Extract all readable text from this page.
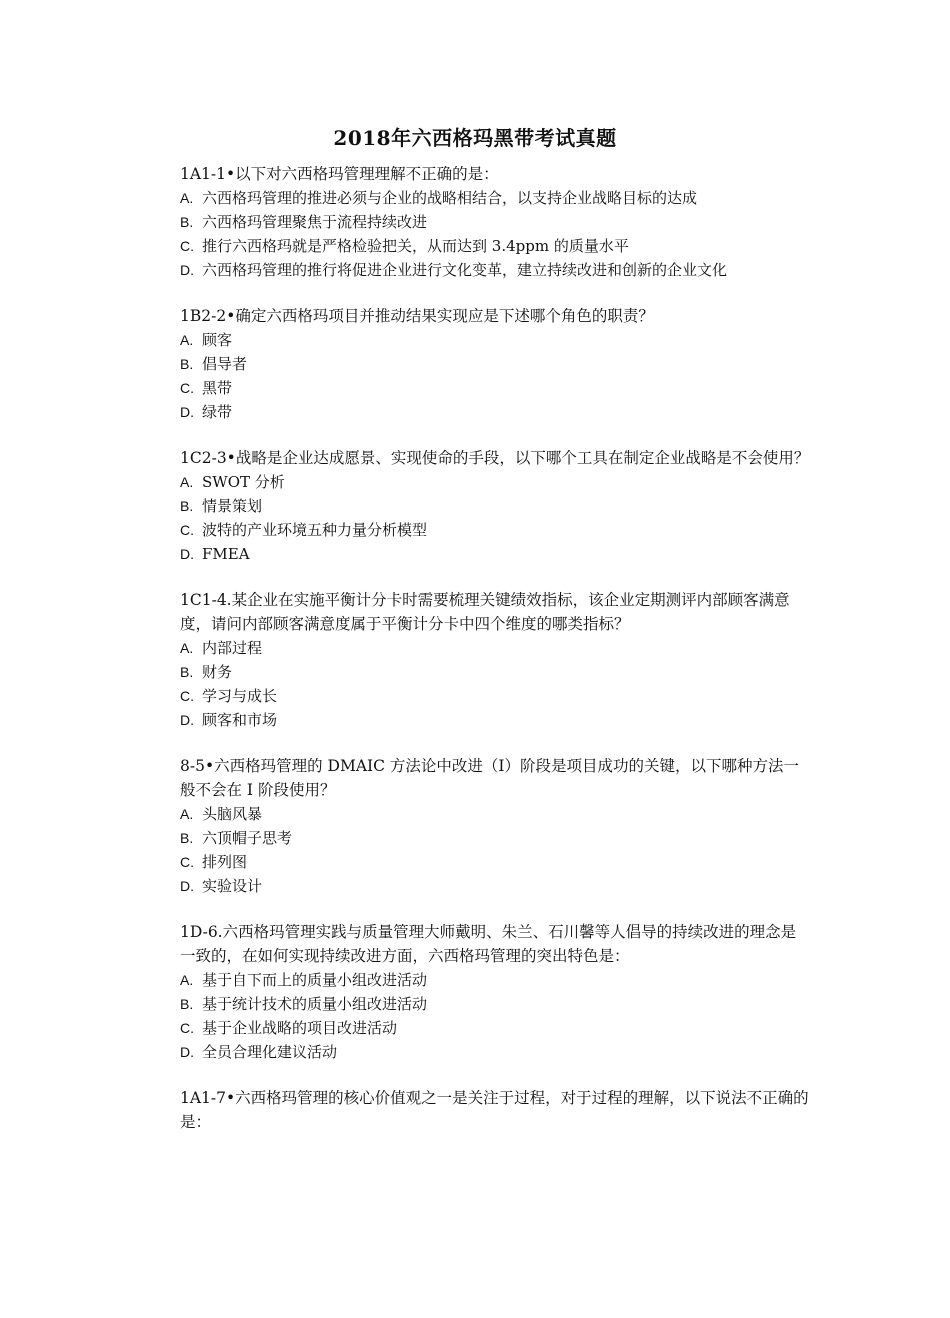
2018年六西格玛黑带考试真题

1A1-1•以下对六西格玛管理理解不正确的是：

A. 六西格玛管理的推进必须与企业的战略相结合，以支持企业战略目标的达成

B. 六西格玛管理聚焦于流程持续改进

C. 推行六西格玛就是严格检验把关，从而达到 3.4ppm 的质量水平

D. 六西格玛管理的推行将促进企业进行文化变革，建立持续改进和创新的企业文化

1B2-2•确定六西格玛项目并推动结果实现应是下述哪个角色的职责？

A. 顾客

B. 倡导者

C. 黑带

D. 绿带

1C2-3•战略是企业达成愿景、实现使命的手段，以下哪个工具在制定企业战略是不会使用？

A. SWOT 分析

B. 情景策划

C. 波特的产业环境五种力量分析模型

D. FMEA

1C1-4.某企业在实施平衡计分卡时需要梳理关键绩效指标，该企业定期测评内部顾客满意度，请问内部顾客满意度属于平衡计分卡中四个维度的哪类指标？

A. 内部过程

B. 财务

C. 学习与成长

D. 顾客和市场

8-5•六西格玛管理的 DMAIC 方法论中改进（I）阶段是项目成功的关键，以下哪种方法一般不会在 I 阶段使用？

A. 头脑风暴

B. 六顶帽子思考

C. 排列图

D. 实验设计

1D-6.六西格玛管理实践与质量管理大师戴明、朱兰、石川馨等人倡导的持续改进的理念是一致的，在如何实现持续改进方面，六西格玛管理的突出特色是：

A. 基于自下而上的质量小组改进活动

B. 基于统计技术的质量小组改进活动

C. 基于企业战略的项目改进活动

D. 全员合理化建议活动

1A1-7•六西格玛管理的核心价值观之一是关注于过程，对于过程的理解，以下说法不正确的是：
